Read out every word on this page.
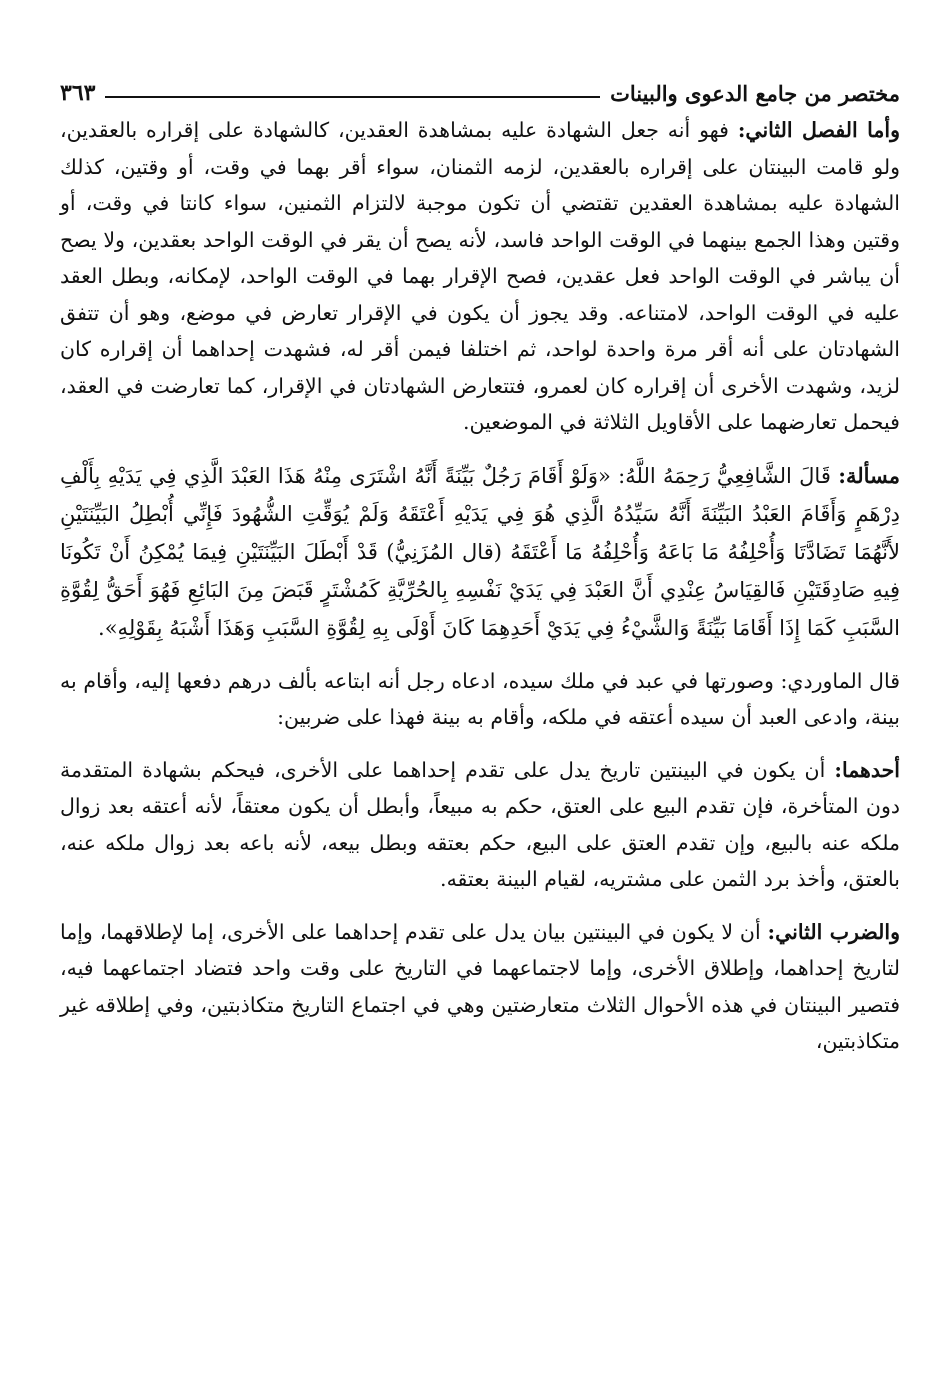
مختصر من جامع الدعوى والبينات
٣٦٣

وأما الفصل الثاني: فهو أنه جعل الشهادة عليه بمشاهدة العقدين، كالشهادة على إقراره بالعقدين، ولو قامت البينتان على إقراره بالعقدين، لزمه الثمنان، سواء أقر بهما في وقت، أو وقتين، كذلك الشهادة عليه بمشاهدة العقدين تقتضي أن تكون موجبة لالتزام الثمنين، سواء كانتا في وقت، أو وقتين وهذا الجمع بينهما في الوقت الواحد فاسد، لأنه يصح أن يقر في الوقت الواحد بعقدين، ولا يصح أن يباشر في الوقت الواحد فعل عقدين، فصح الإقرار بهما في الوقت الواحد، لإمكانه، وبطل العقد عليه في الوقت الواحد، لامتناعه. وقد يجوز أن يكون في الإقرار تعارض في موضع، وهو أن تتفق الشهادتان على أنه أقر مرة واحدة لواحد، ثم اختلفا فيمن أقر له، فشهدت إحداهما أن إقراره كان لزيد، وشهدت الأخرى أن إقراره كان لعمرو، فتتعارض الشهادتان في الإقرار، كما تعارضت في العقد، فيحمل تعارضهما على الأقاويل الثلاثة في الموضعين.

مسألة: قَالَ الشَّافِعِيُّ رَحِمَهُ اللَّهُ: «وَلَوْ أَقَامَ رَجُلٌ بَيِّنَةً أَنَّهُ اشْتَرَى مِنْهُ هَذَا العَبْدَ الَّذِي فِي يَدَيْهِ بِأَلْفِ دِرْهَمٍ وَأَقَامَ العَبْدُ البَيِّنَةَ أَنَّهُ سَيِّدُهُ الَّذِي هُوَ فِي يَدَيْهِ أَعْتَقَهُ وَلَمْ يُوَقِّتِ الشُّهُودَ فَإِنِّي أُبْطِلُ البَيِّنَتَيْنِ لأَنَّهُمَا تَضَادَّتَا وَأُحْلِفُهُ مَا بَاعَهُ وَأُحْلِفُهُ مَا أَعْتَقَهُ (قال المُزَنِيُّ) قَدْ أَبْطَلَ البَيِّنَتَيْنِ فِيمَا يُمْكِنُ أَنْ تَكُونَا فِيهِ صَادِقَتَيْنِ فَالقِيَاسُ عِنْدِي أَنَّ العَبْدَ فِي يَدَيْ نَفْسِهِ بِالحُرِّيَّةِ كَمُشْتَرٍ قَبَضَ مِنَ البَائِعِ فَهُوَ أَحَقُّ لِقُوَّةِ السَّبَبِ كَمَا إِذَا أَقَامَا بَيِّنَةً وَالشَّيْءُ فِي يَدَيْ أَحَدِهِمَا كَانَ أَوْلَى بِهِ لِقُوَّةِ السَّبَبِ وَهَذَا أَشْبَهُ بِقَوْلِهِ».

قال الماوردي: وصورتها في عبد في ملك سيده، ادعاه رجل أنه ابتاعه بألف درهم دفعها إليه، وأقام به بينة، وادعى العبد أن سيده أعتقه في ملكه، وأقام به بينة فهذا على ضربين:

أحدهما: أن يكون في البينتين تاريخ يدل على تقدم إحداهما على الأخرى، فيحكم بشهادة المتقدمة دون المتأخرة، فإن تقدم البيع على العتق، حكم به مبيعاً، وأبطل أن يكون معتقاً، لأنه أعتقه بعد زوال ملكه عنه بالبيع، وإن تقدم العتق على البيع، حكم بعتقه وبطل بيعه، لأنه باعه بعد زوال ملكه عنه، بالعتق، وأخذ برد الثمن على مشتريه، لقيام البينة بعتقه.

والضرب الثاني: أن لا يكون في البينتين بيان يدل على تقدم إحداهما على الأخرى، إما لإطلاقهما، وإما لتاريخ إحداهما، وإطلاق الأخرى، وإما لاجتماعهما في التاريخ على وقت واحد فتضاد اجتماعهما فيه، فتصير البينتان في هذه الأحوال الثلاث متعارضتين وهي في اجتماع التاريخ متكاذبتين، وفي إطلاقه غير متكاذبتين،
